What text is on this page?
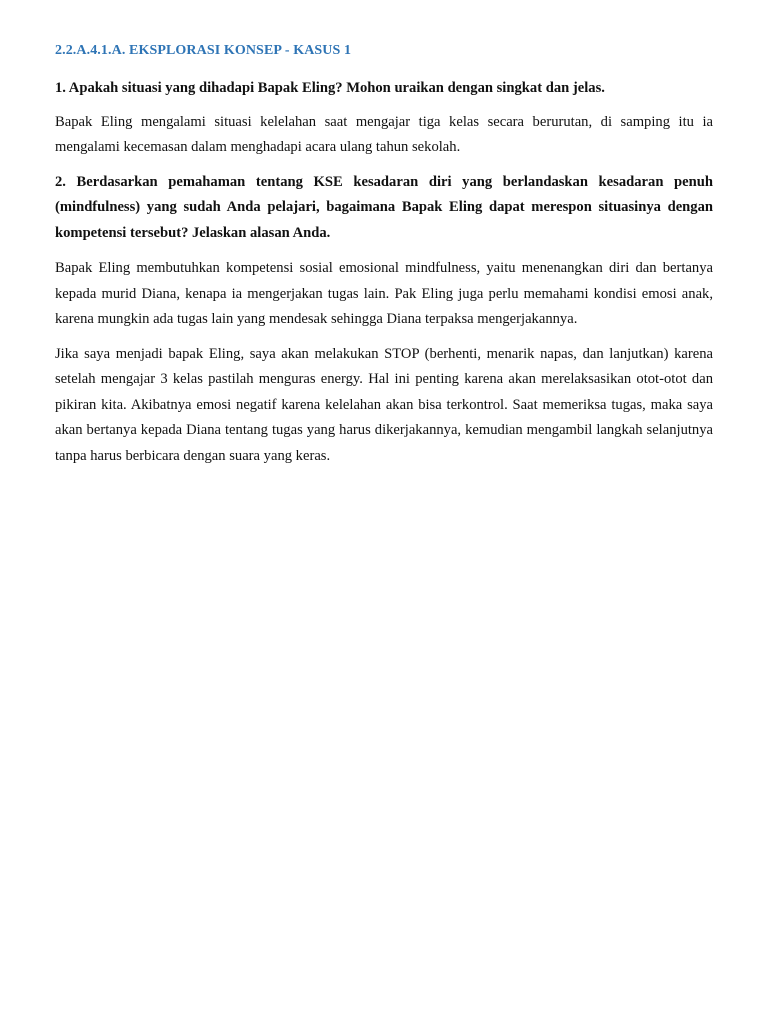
2.2.A.4.1.A. EKSPLORASI KONSEP - KASUS 1

1. Apakah situasi yang dihadapi Bapak Eling? Mohon uraikan dengan singkat dan jelas.

Bapak Eling mengalami situasi kelelahan saat mengajar tiga kelas secara berurutan, di samping itu ia mengalami kecemasan dalam menghadapi acara ulang tahun sekolah.

2. Berdasarkan pemahaman tentang KSE kesadaran diri yang berlandaskan kesadaran penuh (mindfulness) yang sudah Anda pelajari, bagaimana Bapak Eling dapat merespon situasinya dengan kompetensi tersebut? Jelaskan alasan Anda.

Bapak Eling membutuhkan kompetensi sosial emosional mindfulness, yaitu menenangkan diri dan bertanya kepada murid Diana, kenapa ia mengerjakan tugas lain. Pak Eling juga perlu memahami kondisi emosi anak, karena mungkin ada tugas lain yang mendesak sehingga Diana terpaksa mengerjakannya.

Jika saya menjadi bapak Eling, saya akan melakukan STOP (berhenti, menarik napas, dan lanjutkan) karena setelah mengajar 3 kelas pastilah menguras energy. Hal ini penting karena akan merelaksasikan otot-otot dan pikiran kita. Akibatnya emosi negatif karena kelelahan akan bisa terkontrol. Saat memeriksa tugas, maka saya akan bertanya kepada Diana tentang tugas yang harus dikerjakannya, kemudian mengambil langkah selanjutnya tanpa harus berbicara dengan suara yang keras.
